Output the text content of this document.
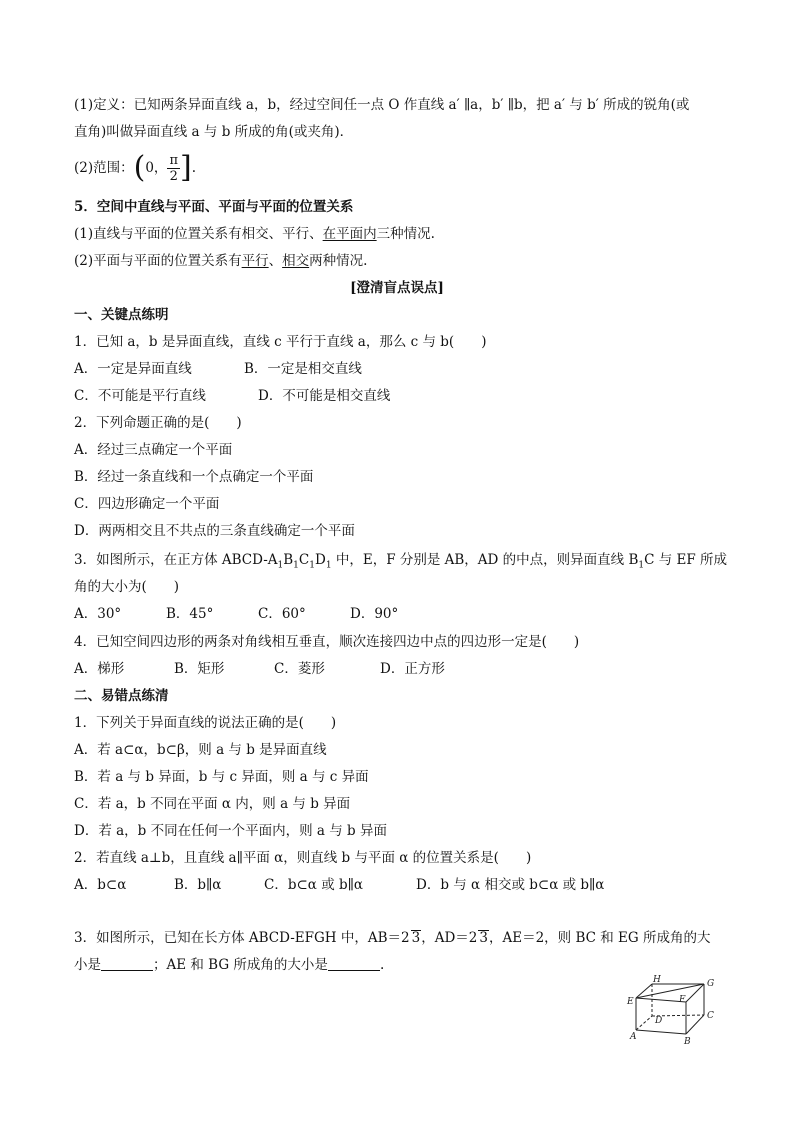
(1)定义：已知两条异面直线 a，b，经过空间任一点 O 作直线 a′ ∥a，b′ ∥b，把 a′ 与 b′ 所成的锐角(或
直角)叫做异面直线 a 与 b 所成的角(或夹角)．
(2)范围： ( 0， $\frac{\pi}{2}$ ] .
5．空间中直线与平面、平面与平面的位置关系
(1)直线与平面的位置关系有相交、平行、在平面内三种情况.
(2)平面与平面的位置关系有平行、相交两种情况.
[澄清盲点误点]
一、关键点练明
1．已知 a，b 是异面直线，直线 c 平行于直线 a，那么 c 与 b(　　)
A．一定是异面直线	B．一定是相交直线
C．不可能是平行直线	D．不可能是相交直线
2．下列命题正确的是(　　)
A．经过三点确定一个平面
B．经过一条直线和一个点确定一个平面
C．四边形确定一个平面
D．两两相交且不共点的三条直线确定一个平面
3．如图所示，在正方体 ABCD-$A_1B_1C_1D_1$ 中，E，F 分别是 AB，AD 的中点，则异面直线 $B_1C$ 与 EF 所成
角的大小为(　　)
A．30°	B．45°	C．60°	D．90°
4．已知空间四边形的两条对角线相互垂直，顺次连接四边中点的四边形一定是(　　)
A．梯形	B．矩形	C．菱形	D．正方形
二、易错点练清
1．下列关于异面直线的说法正确的是(　　)
A．若 a⊂α，b⊂β，则 a 与 b 是异面直线
B．若 a 与 b 异面，b 与 c 异面，则 a 与 c 异面
C．若 a，b 不同在平面 α 内，则 a 与 b 异面
D．若 a，b 不同在任何一个平面内，则 a 与 b 异面
2．若直线 a⊥b，且直线 a∥平面 α，则直线 b 与平面 α 的位置关系是(　　)
A．b⊂α	B．b∥α	C．b⊂α 或 b∥α	D．b 与 α 相交或 b⊂α 或 b∥α
3．如图所示，已知在长方体 ABCD-EFGH 中，AB＝2 3，AD＝2 3，AE＝2，则 BC 和 EG 所成角的大
小是	；AE 和 BG 所成角的大小是	.
H	G
E	F
D	C
A	B
